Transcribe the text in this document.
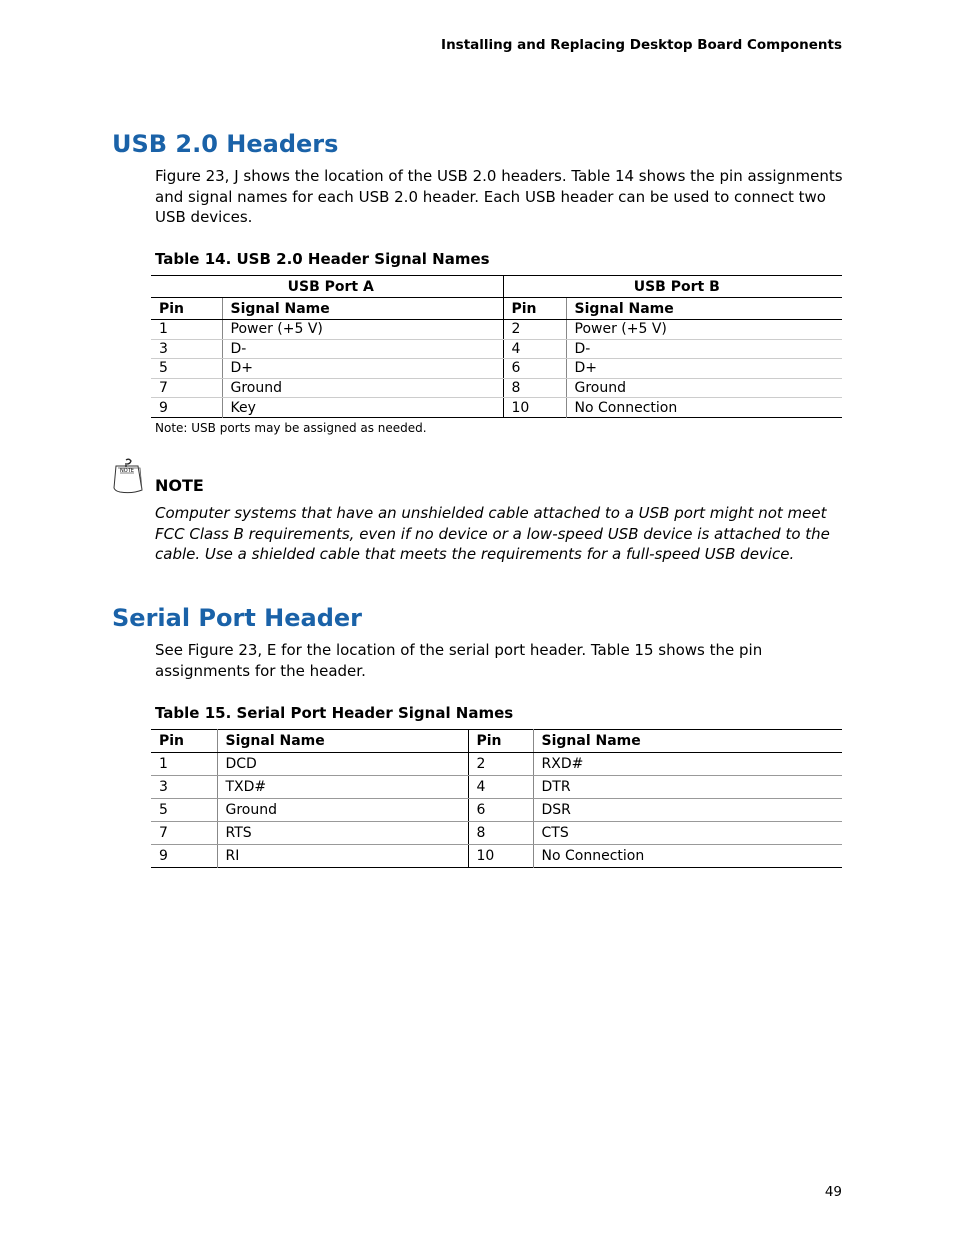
Installing and Replacing Desktop Board Components
USB 2.0 Headers

Figure 23, J shows the location of the USB 2.0 headers. Table 14 shows the pin assignments and signal names for each USB 2.0 header. Each USB header can be used to connect two USB devices.

Table 14. USB 2.0 Header Signal Names

USB Port A		USB Port B	
Pin	Signal Name	Pin	Signal Name
1	Power (+5 V)	2	Power (+5 V)
3	D-	4	D-
5	D+	6	D+
7	Ground	8	Ground
9	Key	10	No Connection

Note: USB ports may be assigned as needed.

NOTE

NOTE

Computer systems that have an unshielded cable attached to a USB port might not meet FCC Class B requirements, even if no device or a low-speed USB device is attached to the cable. Use a shielded cable that meets the requirements for a full-speed USB device.

Serial Port Header

See Figure 23, E for the location of the serial port header. Table 15 shows the pin assignments for the header.

Table 15. Serial Port Header Signal Names

Pin	Signal Name	Pin	Signal Name
1	DCD	2	RXD#
3	TXD#	4	DTR
5	Ground	6	DSR
7	RTS	8	CTS
9	RI	10	No Connection
49
